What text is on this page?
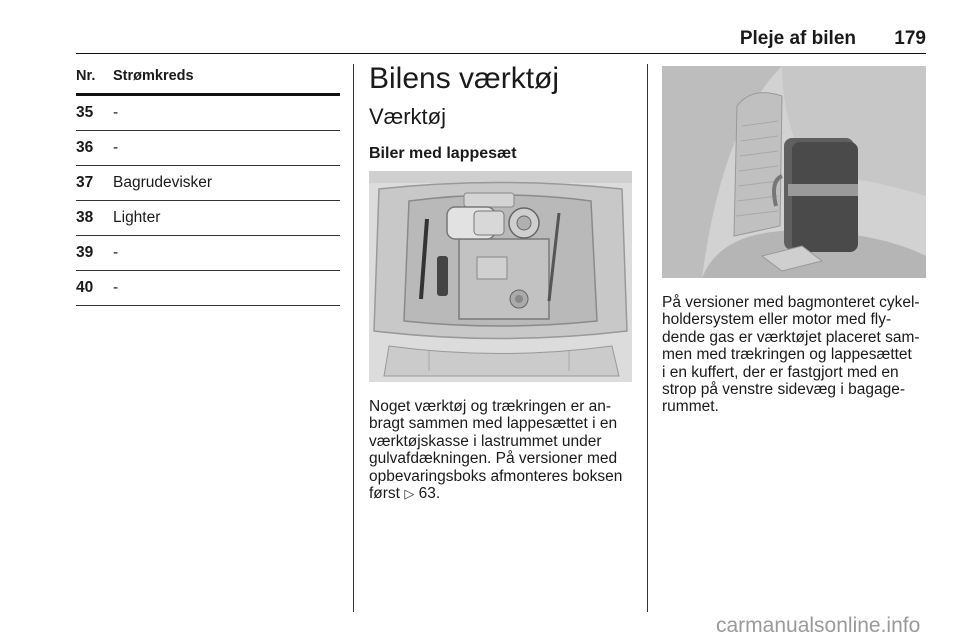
Pleje af bilen	179
Nr.	Strømkreds
35	-
36	-
37	Bagrudevisker
38	Lighter
39	-
40	-
Bilens værktøj
Værktøj
Biler med lappesæt
Noget værktøj og trækringen er an-
bragt sammen med lappesættet i en
værktøjskasse i lastrummet under
gulvafdækningen. På versioner med
opbevaringsboks afmonteres boksen
først ▷ 63.
På versioner med bagmonteret cykel-
holdersystem eller motor med fly-
dende gas er værktøjet placeret sam-
men med trækringen og lappesættet
i en kuffert, der er fastgjort med en
strop på venstre sidevæg i bagage-
rummet.
carmanualsonline.info
